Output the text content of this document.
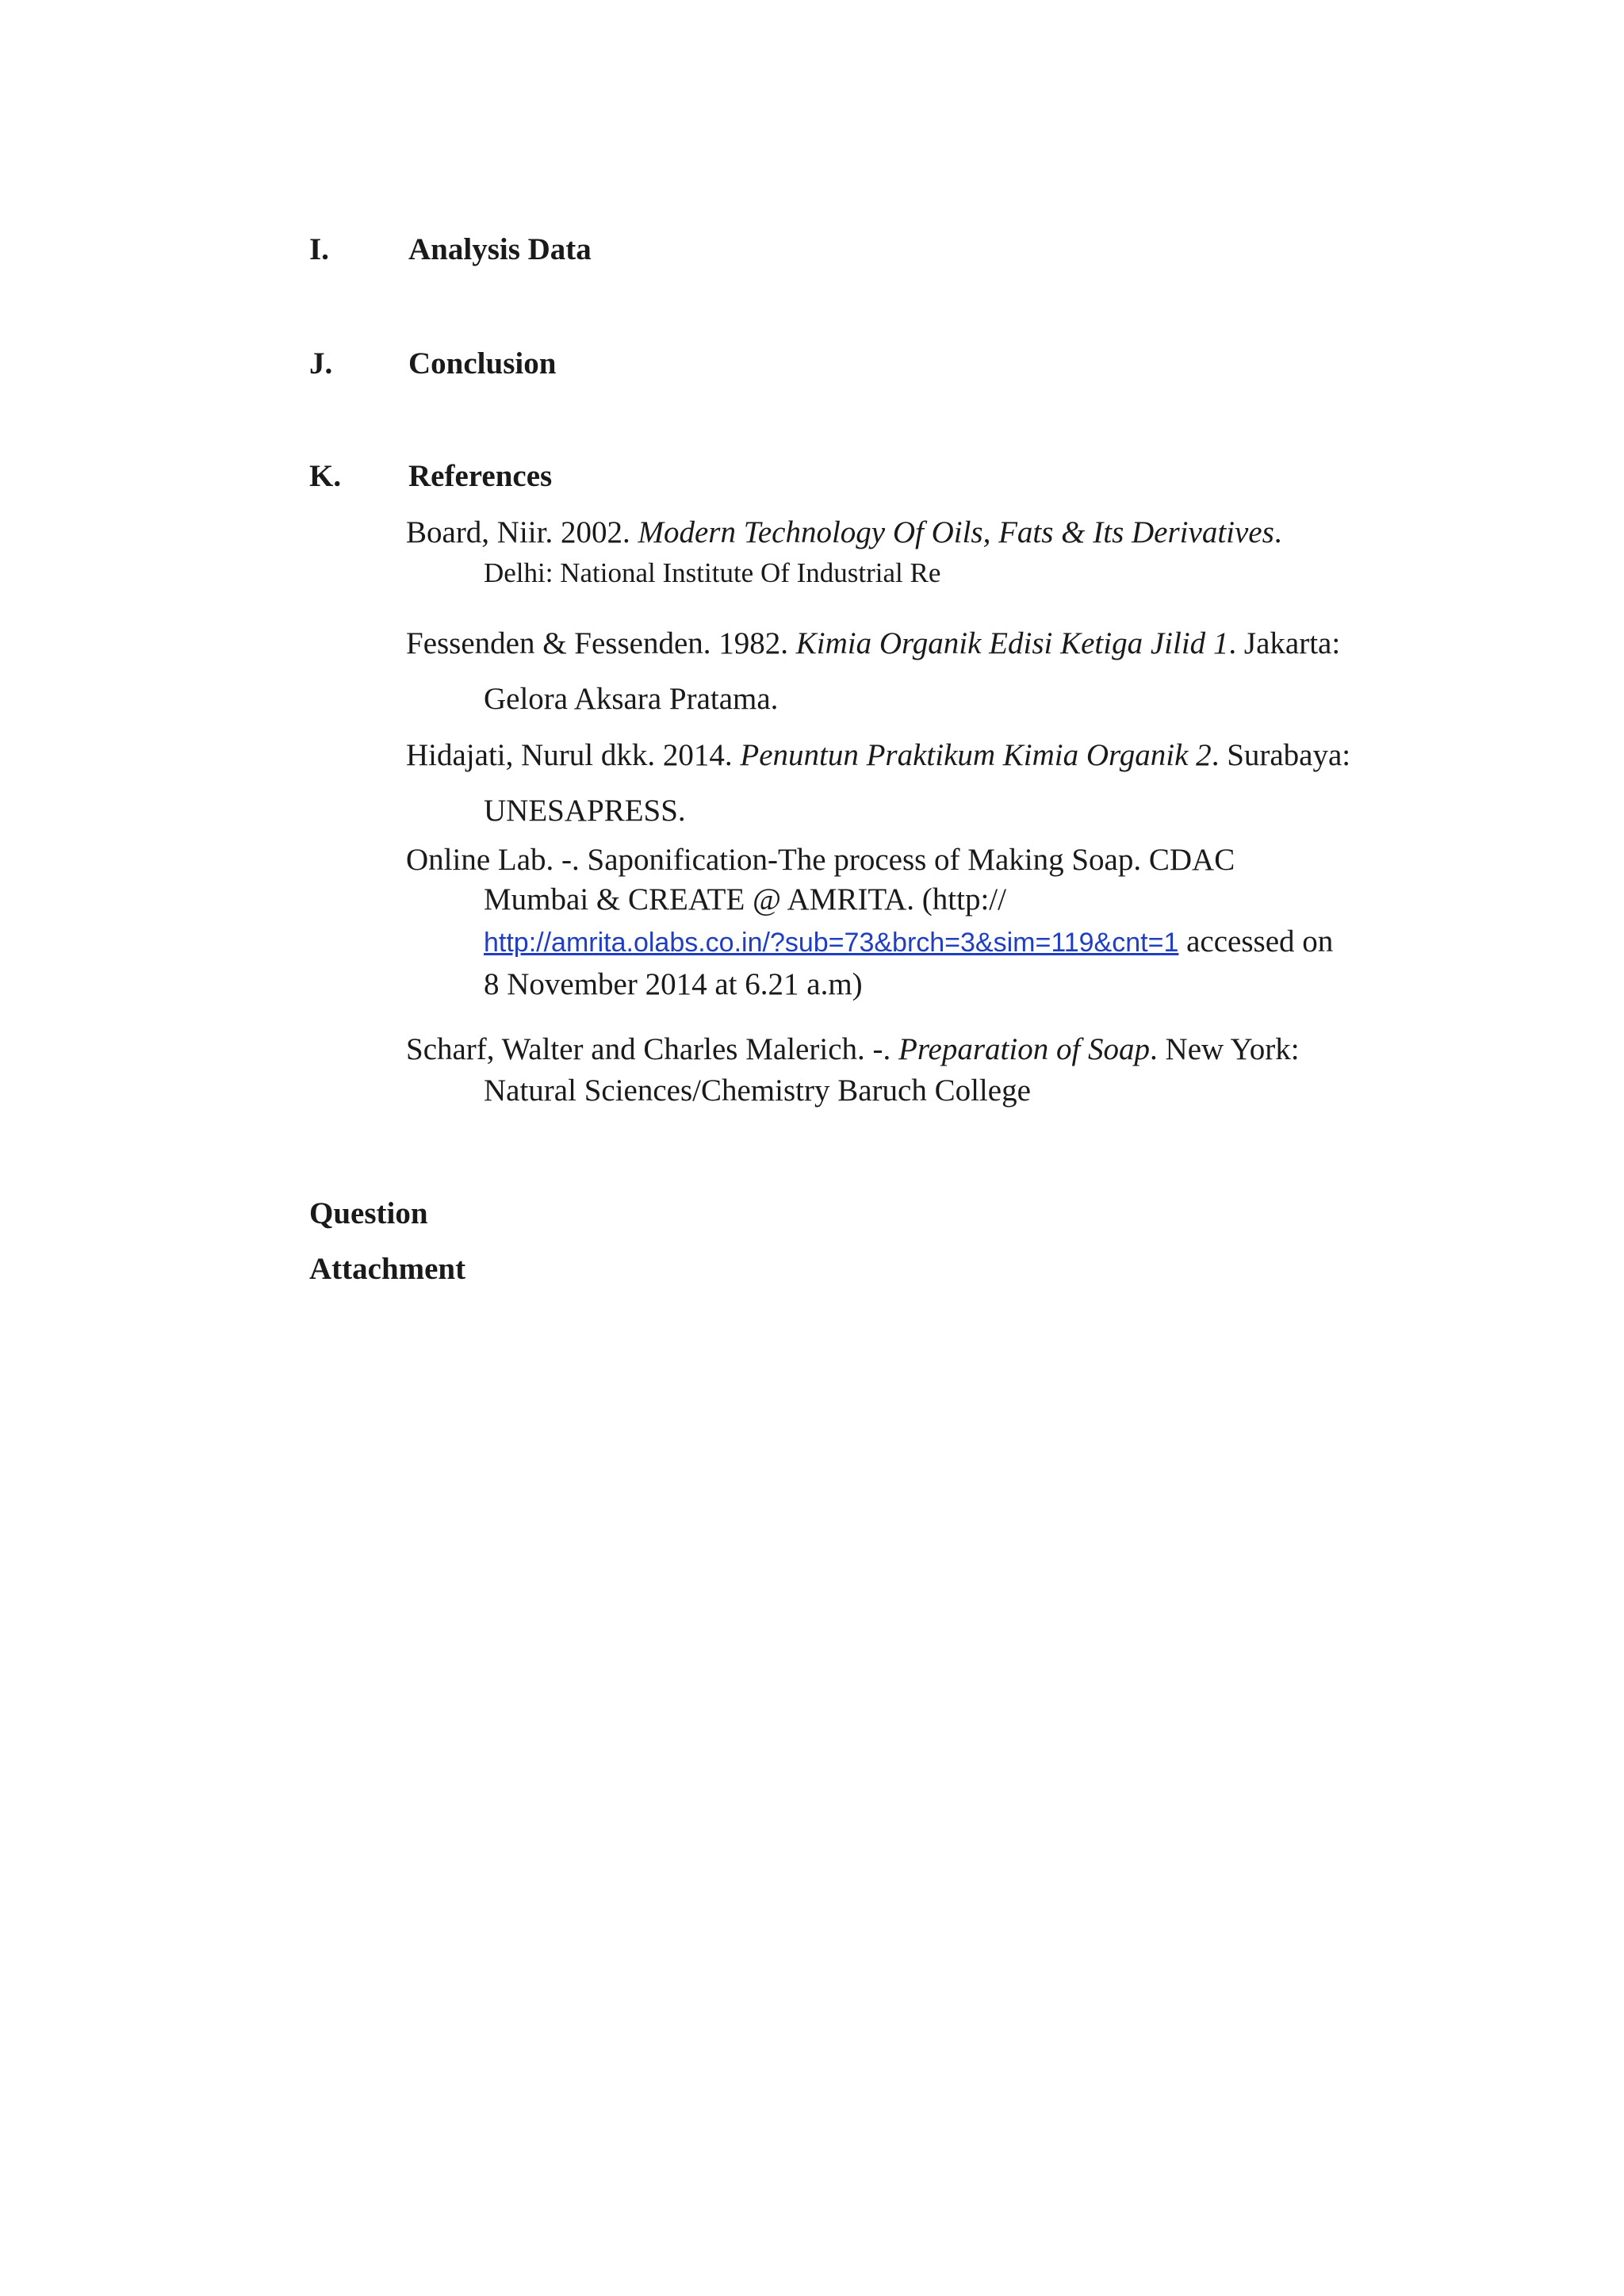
I.	Analysis Data
J. Conclusion
K. References
Board, Niir. 2002. Modern Technology Of Oils, Fats & Its Derivatives.
Delhi: National Institute Of Industrial Re
Fessenden & Fessenden. 1982. Kimia Organik Edisi Ketiga Jilid 1. Jakarta:
Gelora Aksara Pratama.
Hidajati, Nurul dkk. 2014. Penuntun Praktikum Kimia Organik 2. Surabaya:
UNESAPRESS.
Online Lab. -. Saponification-The process of Making Soap. CDAC
Mumbai & CREATE @ AMRITA. (http://
http://amrita.olabs.co.in/?sub=73&brch=3&sim=119&cnt=1 accessed on
8 November 2014 at 6.21 a.m)
Scharf, Walter and Charles Malerich. -. Preparation of Soap. New York:
Natural Sciences/Chemistry Baruch College
Question
Attachment
